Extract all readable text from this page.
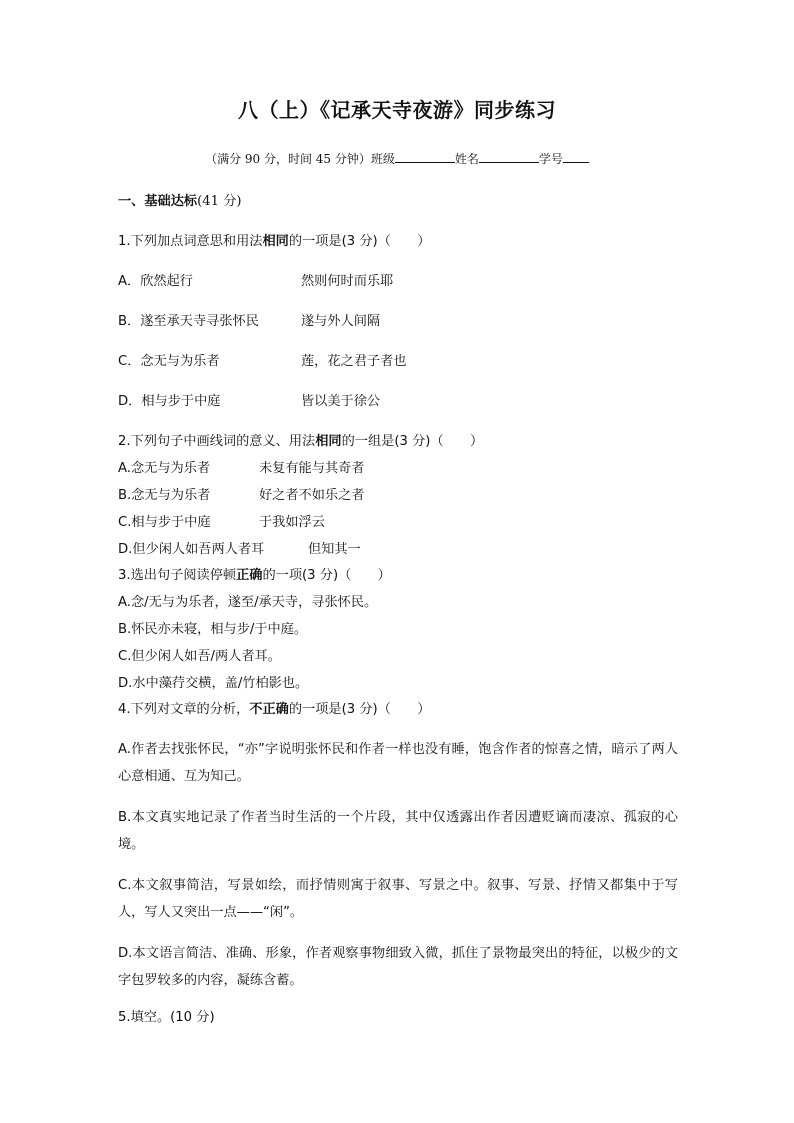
八（上）《记承天寺夜游》同步练习
（满分 90 分，时间 45 分钟）班级	姓名	学号
一、基础达标(41 分)
1.下列加点词意思和用法相同的一项是(3 分)（　　）
A．欣然起行	然则何时而乐耶
B．遂至承天寺寻张怀民	遂与外人间隔
C．念无与为乐者	莲，花之君子者也
D．相与步于中庭	皆以美于徐公
2.下列句子中画线词的意义、用法相同的一组是(3 分)（　　）
A.念无与为乐者	未复有能与其奇者
B.念无与为乐者	好之者不如乐之者
C.相与步于中庭	于我如浮云
D.但少闲人如吾两人者耳	但知其一
3.选出句子阅读停顿正确的一项(3 分)（　　）
A.念/无与为乐者，遂至/承天寺，寻张怀民。
B.怀民亦未寝，相与步/于中庭。
C.但少闲人如吾/两人者耳。
D.水中藻荇交横，盖/竹柏影也。
4.下列对文章的分析，不正确的一项是(3 分)（　　）
A.作者去找张怀民，“亦”字说明张怀民和作者一样也没有睡，饱含作者的惊喜之情，暗示了两人心意相通、互为知己。
B.本文真实地记录了作者当时生活的一个片段，其中仅透露出作者因遭贬谪而凄凉、孤寂的心境。
C.本文叙事简洁，写景如绘，而抒情则寓于叙事、写景之中。叙事、写景、抒情又都集中于写人，写人又突出一点——“闲”。
D.本文语言简洁、准确、形象，作者观察事物细致入微，抓住了景物最突出的特征，以极少的文字包罗较多的内容，凝练含蓄。
5.填空。(10 分)
